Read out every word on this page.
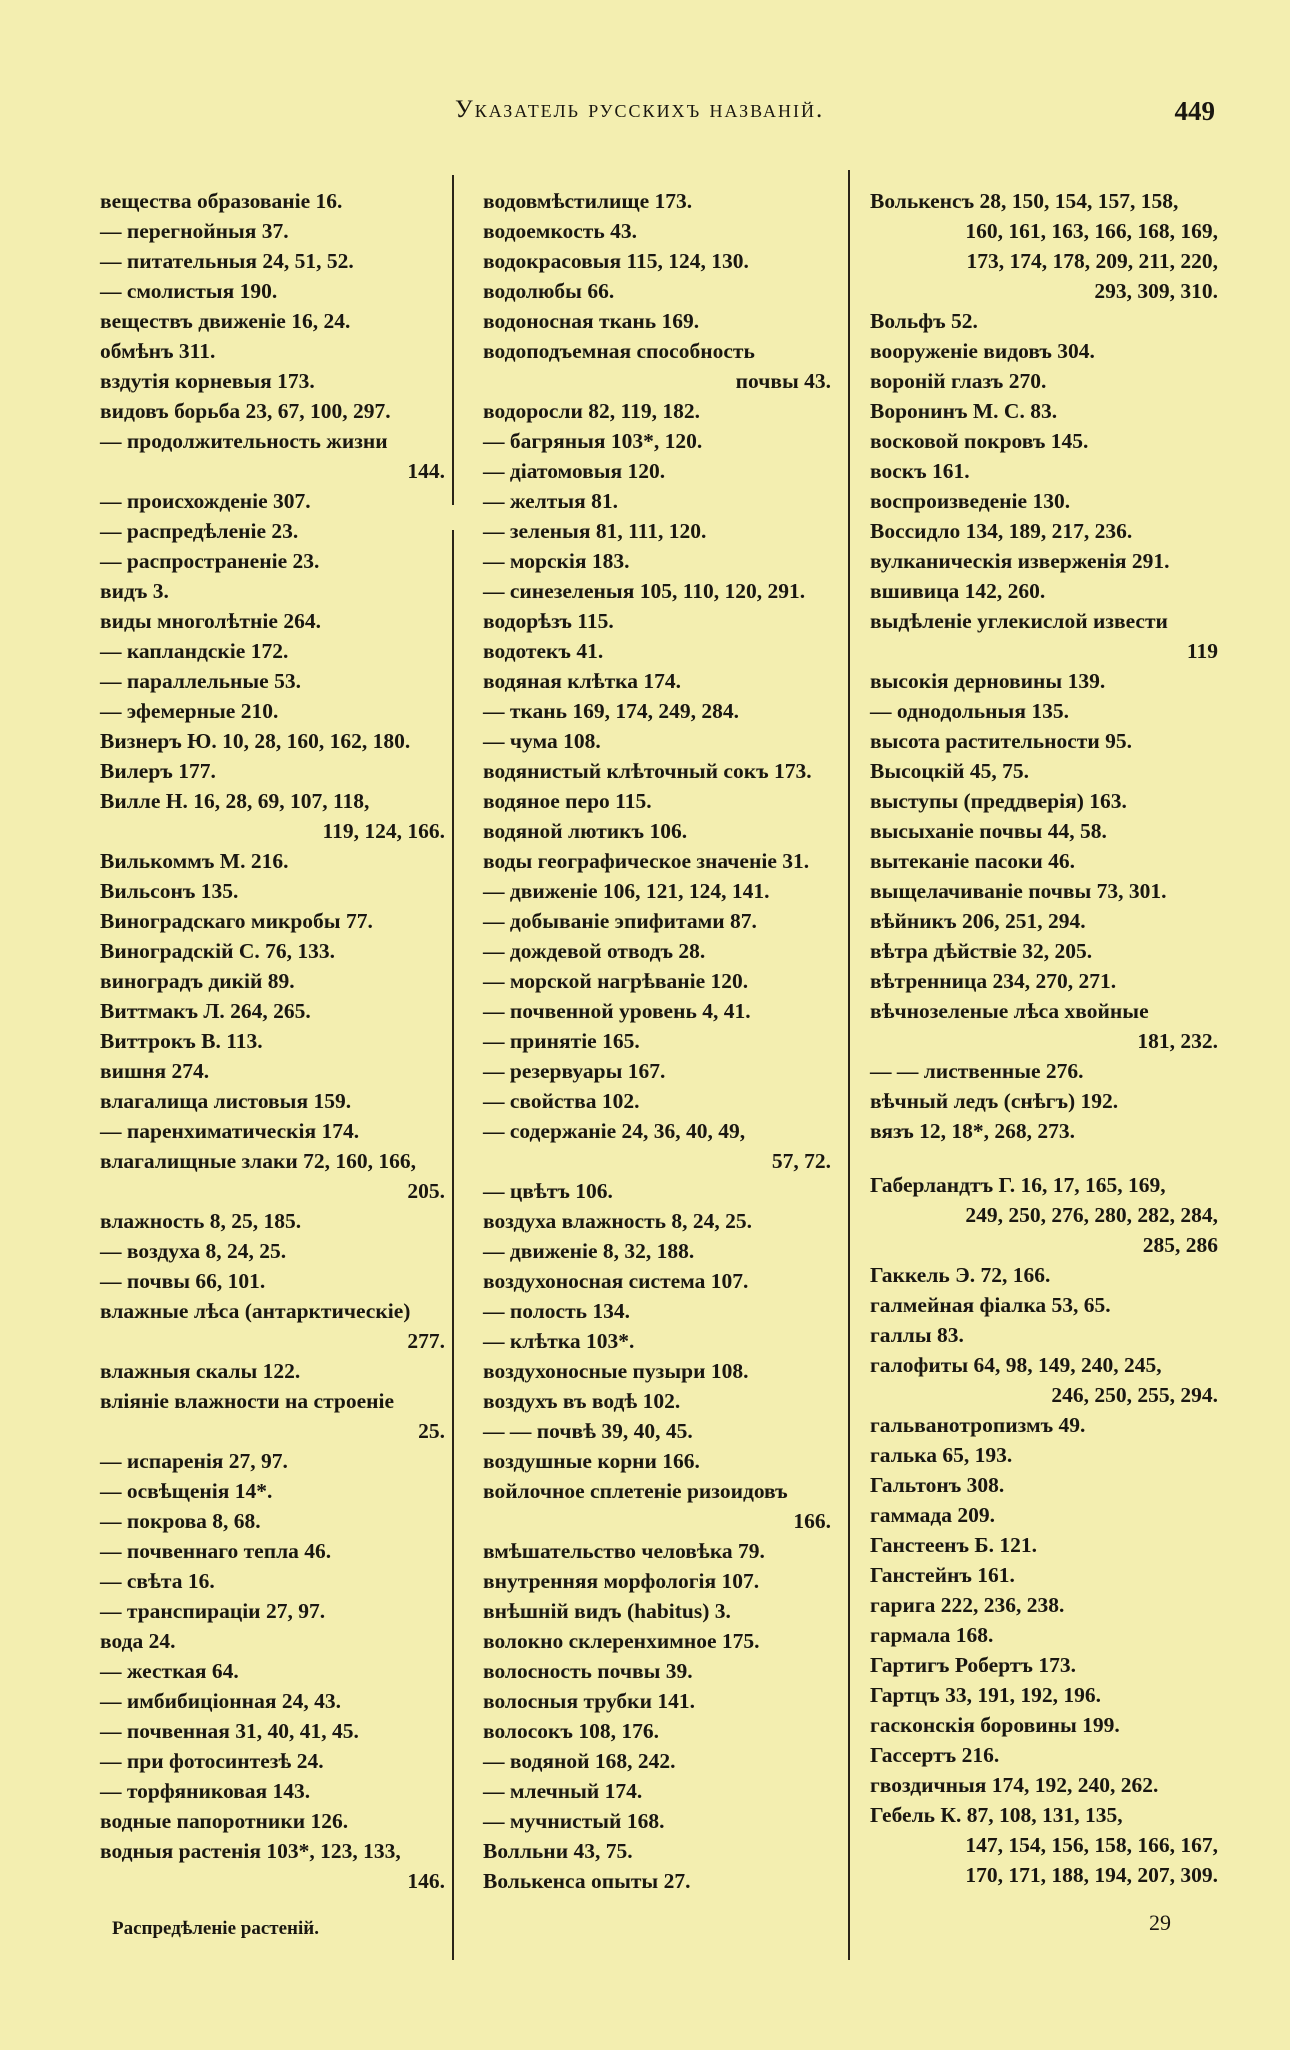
Указатель русскихъ названій.	449
вещества образованіе 16.
— перегнойныя 37.
— питательныя 24, 51, 52.
— смолистыя 190.
веществъ движеніе 16, 24.
обмѣнъ 311.
вздутія корневыя 173.
видовъ борьба 23, 67, 100, 297.
— продолжительность жизни
144.
— происхожденіе 307.
— распредѣленіе 23.
— распространеніе 23.
видъ 3.
виды многолѣтніе 264.
— капландскіе 172.
— параллельные 53.
— эфемерные 210.
Визнеръ Ю. 10, 28, 160, 162, 180.
Вилеръ 177.
Вилле Н. 16, 28, 69, 107, 118,
119, 124, 166.
Вилькоммъ М. 216.
Вильсонъ 135.
Виноградскаго микробы 77.
Виноградскій С. 76, 133.
виноградъ дикій 89.
Виттмакъ Л. 264, 265.
Виттрокъ В. 113.
вишня 274.
влагалища листовыя 159.
— паренхиматическія 174.
влагалищные злаки 72, 160, 166,
205.
влажность 8, 25, 185.
— воздуха 8, 24, 25.
— почвы 66, 101.
влажные лѣса (антарктическіе)
277.
влажныя скалы 122.
вліяніе влажности на строеніе
25.
— испаренія 27, 97.
— освѣщенія 14*.
— покрова 8, 68.
— почвеннаго тепла 46.
— свѣта 16.
— транспираціи 27, 97.
вода 24.
— жесткая 64.
— имбибиціонная 24, 43.
— почвенная 31, 40, 41, 45.
— при фотосинтезѣ 24.
— торфяниковая 143.
водные папоротники 126.
водныя растенія 103*, 123, 133,
146.
водовмѣстилище 173.
водоемкость 43.
водокрасовыя 115, 124, 130.
водолюбы 66.
водоносная ткань 169.
водоподъемная способность
почвы 43.
водоросли 82, 119, 182.
— багряныя 103*, 120.
— діатомовыя 120.
— желтыя 81.
— зеленыя 81, 111, 120.
— морскія 183.
— синезеленыя 105, 110, 120, 291.
водорѣзъ 115.
водотекъ 41.
водяная клѣтка 174.
— ткань 169, 174, 249, 284.
— чума 108.
водянистый клѣточный сокъ 173.
водяное перо 115.
водяной лютикъ 106.
воды географическое значеніе 31.
— движеніе 106, 121, 124, 141.
— добываніе эпифитами 87.
— дождевой отводъ 28.
— морской нагрѣваніе 120.
— почвенной уровень 4, 41.
— принятіе 165.
— резервуары 167.
— свойства 102.
— содержаніе 24, 36, 40, 49,
57, 72.
— цвѣтъ 106.
воздуха влажность 8, 24, 25.
— движеніе 8, 32, 188.
воздухоносная система 107.
— полость 134.
— клѣтка 103*.
воздухоносные пузыри 108.
воздухъ въ водѣ 102.
— — почвѣ 39, 40, 45.
воздушные корни 166.
войлочное сплетеніе ризоидовъ
166.
вмѣшательство человѣка 79.
внутренняя морфологія 107.
внѣшній видъ (habitus) 3.
волокно склеренхимное 175.
волосность почвы 39.
волосныя трубки 141.
волосокъ 108, 176.
— водяной 168, 242.
— млечный 174.
— мучнистый 168.
Волльни 43, 75.
Волькенса опыты 27.
Волькенсъ 28, 150, 154, 157, 158,
160, 161, 163, 166, 168, 169,
173, 174, 178, 209, 211, 220,
293, 309, 310.
Вольфъ 52.
вооруженіе видовъ 304.
вороній глазъ 270.
Воронинъ М. С. 83.
восковой покровъ 145.
воскъ 161.
воспроизведеніе 130.
Воссидло 134, 189, 217, 236.
вулканическія изверженія 291.
вшивица 142, 260.
выдѣленіе углекислой извести
119
высокія дерновины 139.
— однодольныя 135.
высота растительности 95.
Высоцкій 45, 75.
выступы (преддверія) 163.
высыханіе почвы 44, 58.
вытеканіе пасоки 46.
выщелачиваніе почвы 73, 301.
вѣйникъ 206, 251, 294.
вѣтра дѣйствіе 32, 205.
вѣтренница 234, 270, 271.
вѣчнозеленые лѣса хвойные
181, 232.
— — лиственные 276.
вѣчный ледъ (снѣгъ) 192.
вязъ 12, 18*, 268, 273.
Габерландтъ Г. 16, 17, 165, 169,
249, 250, 276, 280, 282, 284,
285, 286
Гаккель Э. 72, 166.
галмейная фіалка 53, 65.
галлы 83.
галофиты 64, 98, 149, 240, 245,
246, 250, 255, 294.
гальванотропизмъ 49.
галька 65, 193.
Гальтонъ 308.
гаммада 209.
Ганстеенъ Б. 121.
Ганстейнъ 161.
гарига 222, 236, 238.
гармала 168.
Гартигъ Робертъ 173.
Гартцъ 33, 191, 192, 196.
гасконскія боровины 199.
Гассертъ 216.
гвоздичныя 174, 192, 240, 262.
Гебель К. 87, 108, 131, 135,
147, 154, 156, 158, 166, 167,
170, 171, 188, 194, 207, 309.
Распредѣленіе растеній.	29
